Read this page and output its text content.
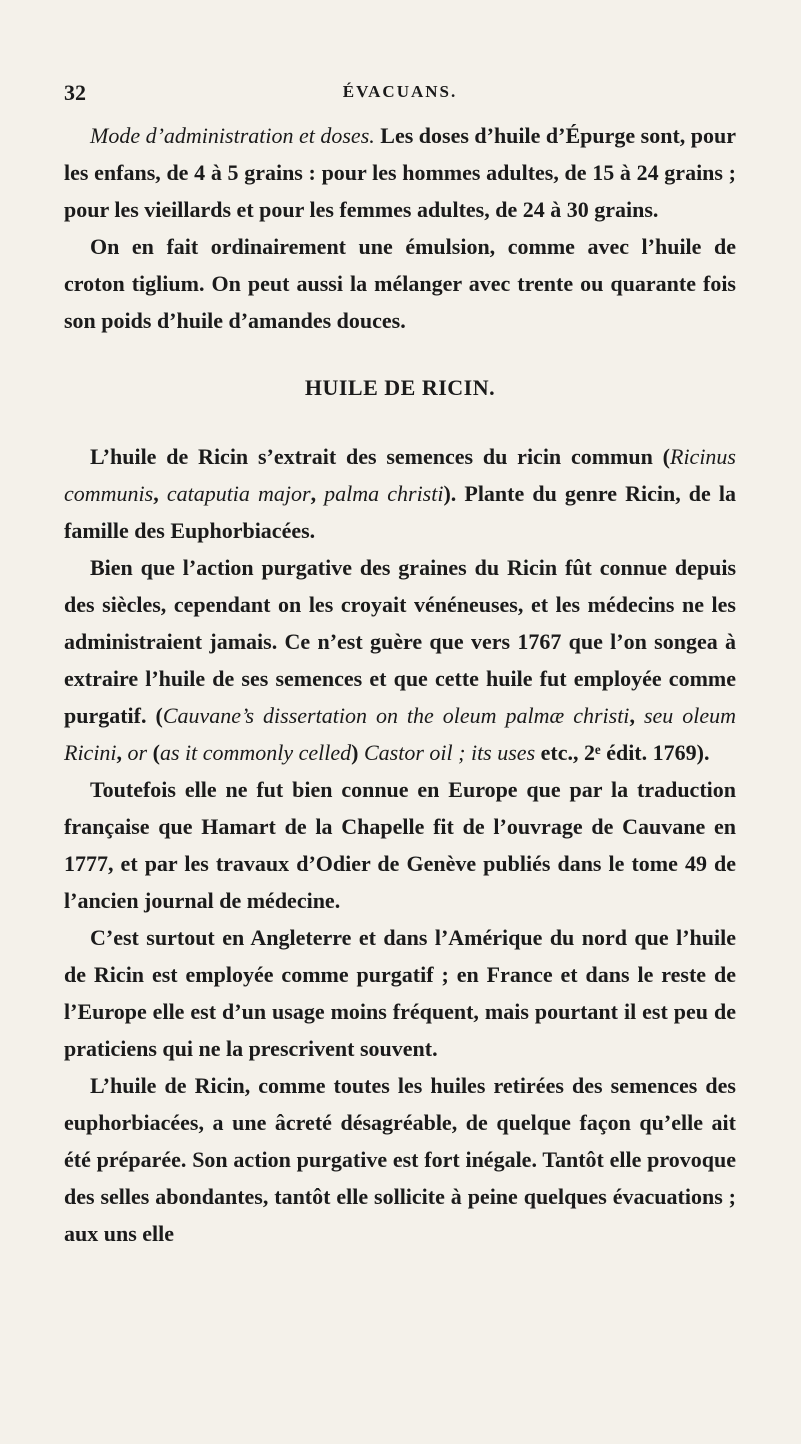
32	ÉVACUANS.

Mode d’administration et doses. Les doses d’huile d’Épurge sont, pour les enfans, de 4 à 5 grains : pour les hommes adultes, de 15 à 24 grains ; pour les vieillards et pour les femmes adultes, de 24 à 30 grains.

On en fait ordinairement une émulsion, comme avec l’huile de croton tiglium. On peut aussi la mélanger avec trente ou quarante fois son poids d’huile d’amandes douces.

HUILE DE RICIN.

L’huile de Ricin s’extrait des semences du ricin commun (Ricinus communis, cataputia major, palma christi). Plante du genre Ricin, de la famille des Euphorbiacées.

Bien que l’action purgative des graines du Ricin fût connue depuis des siècles, cependant on les croyait vénéneuses, et les médecins ne les administraient jamais. Ce n’est guère que vers 1767 que l’on songea à extraire l’huile de ses semences et que cette huile fut employée comme purgatif. (Cauvane’s dissertation on the oleum palmæ christi, seu oleum Ricini, or (as it commonly celled) Castor oil ; its uses etc., 2ᵉ édit. 1769).

Toutefois elle ne fut bien connue en Europe que par la traduction française que Hamart de la Chapelle fit de l’ouvrage de Cauvane en 1777, et par les travaux d’Odier de Genève publiés dans le tome 49 de l’ancien journal de médecine.

C’est surtout en Angleterre et dans l’Amérique du nord que l’huile de Ricin est employée comme purgatif ; en France et dans le reste de l’Europe elle est d’un usage moins fréquent, mais pourtant il est peu de praticiens qui ne la prescrivent souvent.

L’huile de Ricin, comme toutes les huiles retirées des semences des euphorbiacées, a une âcreté désagréable, de quelque façon qu’elle ait été préparée. Son action purgative est fort inégale. Tantôt elle provoque des selles abondantes, tantôt elle sollicite à peine quelques évacuations ; aux uns elle
